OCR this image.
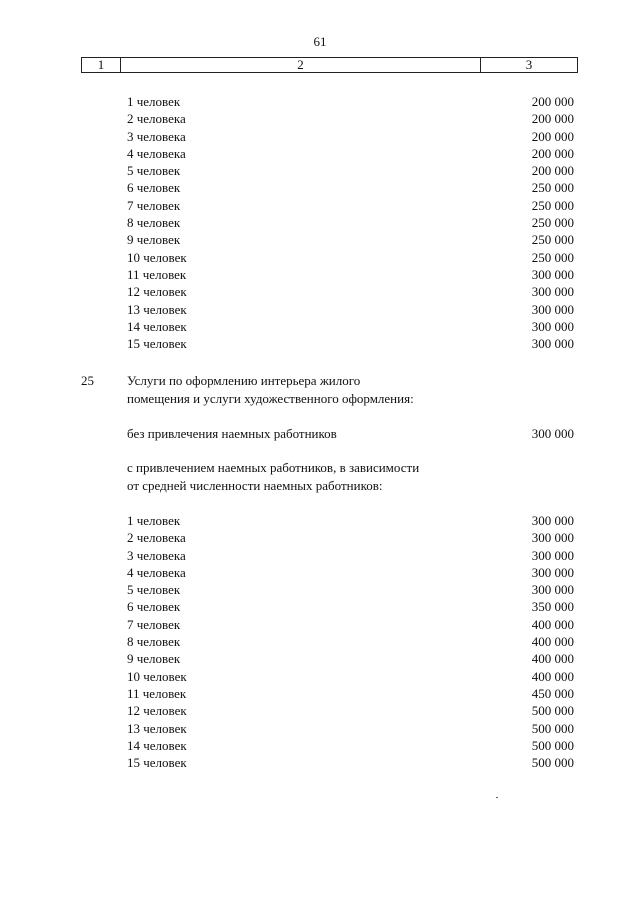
61
1	2	3
1 человек	200 000
2 человека	200 000
3 человека	200 000
4 человека	200 000
5 человек	200 000
6 человек	250 000
7 человек	250 000
8 человек	250 000
9 человек	250 000
10 человек	250 000
11 человек	300 000
12 человек	300 000
13 человек	300 000
14 человек	300 000
15 человек	300 000
25	Услуги по оформлению интерьера жилого
помещения и услуги художественного оформления:
без привлечения наемных работников	300 000
с привлечением наемных работников, в зависимости
от средней численности наемных работников:
1 человек	300 000
2 человека	300 000
3 человека	300 000
4 человека	300 000
5 человек	300 000
6 человек	350 000
7 человек	400 000
8 человек	400 000
9 человек	400 000
10 человек	400 000
11 человек	450 000
12 человек	500 000
13 человек	500 000
14 человек	500 000
15 человек	500 000
